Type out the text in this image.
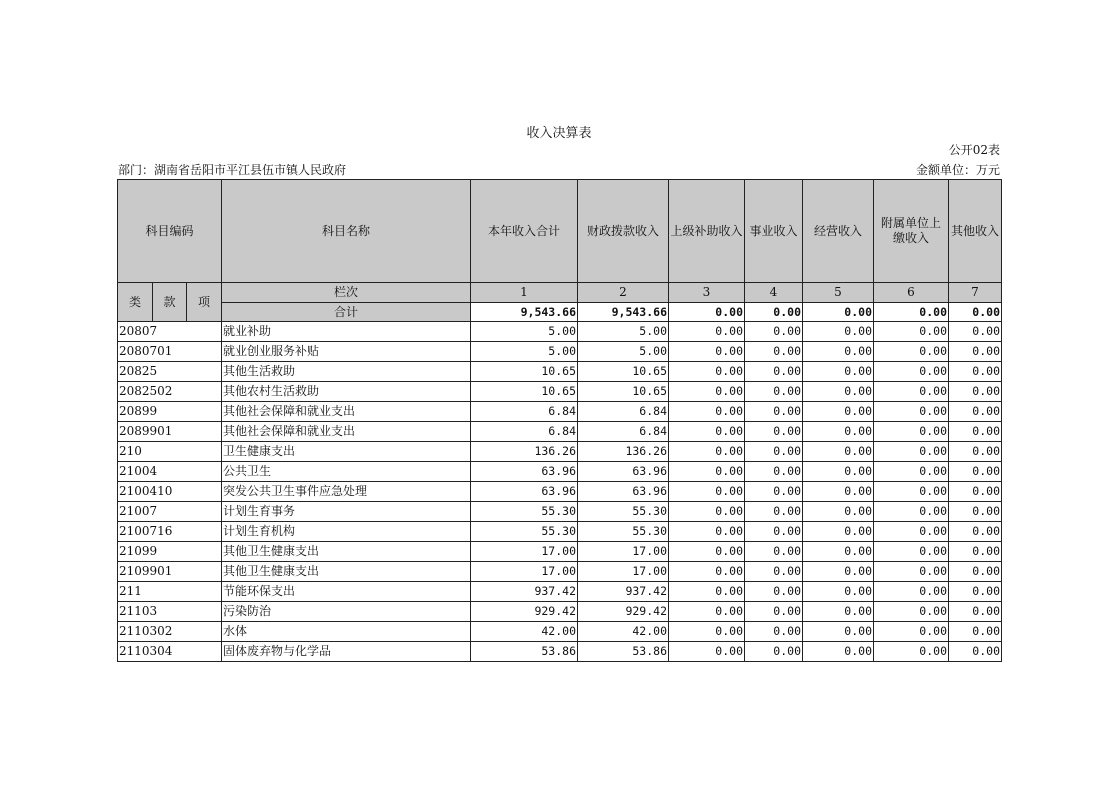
收入决算表
公开02表
部门：湖南省岳阳市平江县伍市镇人民政府	金额单位：万元
科目编码			科目名称	本年收入合计	财政拨款收入	上级补助收入	事业收入	经营收入	附属单位上缴收入	其他收入
类	款	项	栏次	1	2	3	4	5	6	7
			合计	9,543.66	9,543.66	0.00	0.00	0.00	0.00	0.00
20807			就业补助	5.00	5.00	0.00	0.00	0.00	0.00	0.00
2080701			就业创业服务补贴	5.00	5.00	0.00	0.00	0.00	0.00	0.00
20825			其他生活救助	10.65	10.65	0.00	0.00	0.00	0.00	0.00
2082502			其他农村生活救助	10.65	10.65	0.00	0.00	0.00	0.00	0.00
20899			其他社会保障和就业支出	6.84	6.84	0.00	0.00	0.00	0.00	0.00
2089901			其他社会保障和就业支出	6.84	6.84	0.00	0.00	0.00	0.00	0.00
210			卫生健康支出	136.26	136.26	0.00	0.00	0.00	0.00	0.00
21004			公共卫生	63.96	63.96	0.00	0.00	0.00	0.00	0.00
2100410			突发公共卫生事件应急处理	63.96	63.96	0.00	0.00	0.00	0.00	0.00
21007			计划生育事务	55.30	55.30	0.00	0.00	0.00	0.00	0.00
2100716			计划生育机构	55.30	55.30	0.00	0.00	0.00	0.00	0.00
21099			其他卫生健康支出	17.00	17.00	0.00	0.00	0.00	0.00	0.00
2109901			其他卫生健康支出	17.00	17.00	0.00	0.00	0.00	0.00	0.00
211			节能环保支出	937.42	937.42	0.00	0.00	0.00	0.00	0.00
21103			污染防治	929.42	929.42	0.00	0.00	0.00	0.00	0.00
2110302			水体	42.00	42.00	0.00	0.00	0.00	0.00	0.00
2110304			固体废弃物与化学品	53.86	53.86	0.00	0.00	0.00	0.00	0.00
